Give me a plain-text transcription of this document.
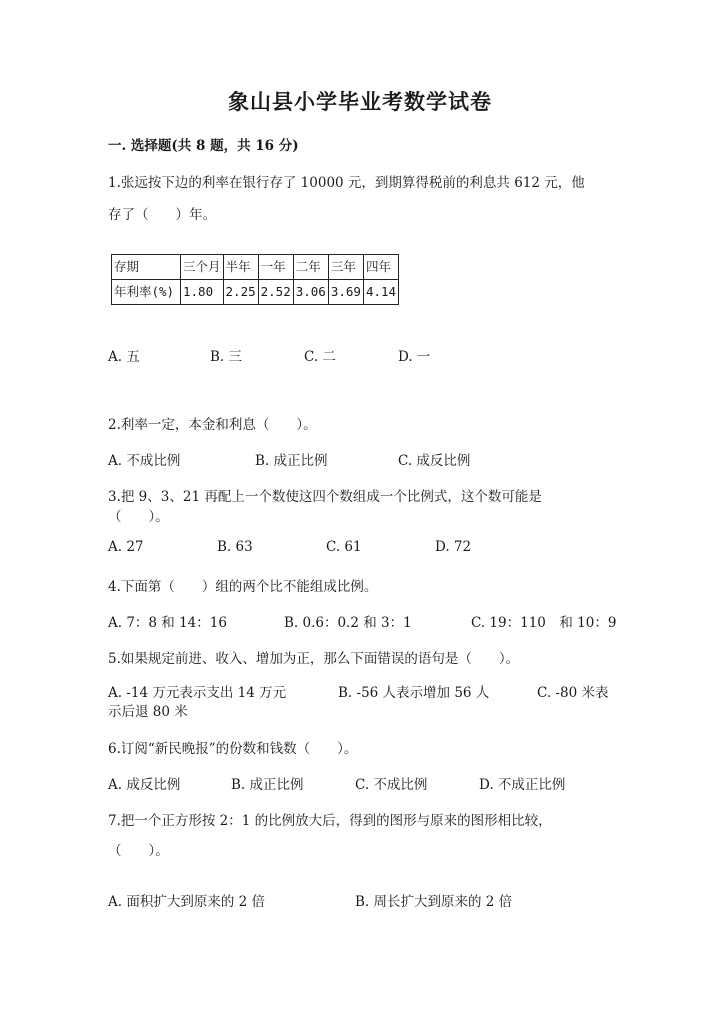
象山县小学毕业考数学试卷
一. 选择题(共 8 题，共 16 分)
1.张远按下边的利率在银行存了 10000 元，到期算得税前的利息共 612 元，他
存了（　　）年。
存期	三个月	半年	一年	二年	三年	四年
年利率(%)	1.80	2.25	2.52	3.06	3.69	4.14
A. 五	B. 三	C. 二	D. 一
2.利率一定，本金和利息（　　）。
A. 不成比例	B. 成正比例	C. 成反比例
3.把 9、3、21 再配上一个数使这四个数组成一个比例式，这个数可能是
（　　）。
A. 27	B. 63	C. 61	D. 72
4.下面第（　　）组的两个比不能组成比例。
A. 7：8 和 14：16	B. 0.6：0.2 和 3：1	C. 19：110　和 10：9
5.如果规定前进、收入、增加为正，那么下面错误的语句是（　　）。
A. -14 万元表示支出 14 万元	B. -56 人表示增加 56 人	C. -80 米表
示后退 80 米
6.订阅“新民晚报”的份数和钱数（　　）。
A. 成反比例	B. 成正比例	C. 不成比例	D. 不成正比例
7.把一个正方形按 2：1 的比例放大后，得到的图形与原来的图形相比较，
（　　）。
A. 面积扩大到原来的 2 倍	B. 周长扩大到原来的 2 倍
